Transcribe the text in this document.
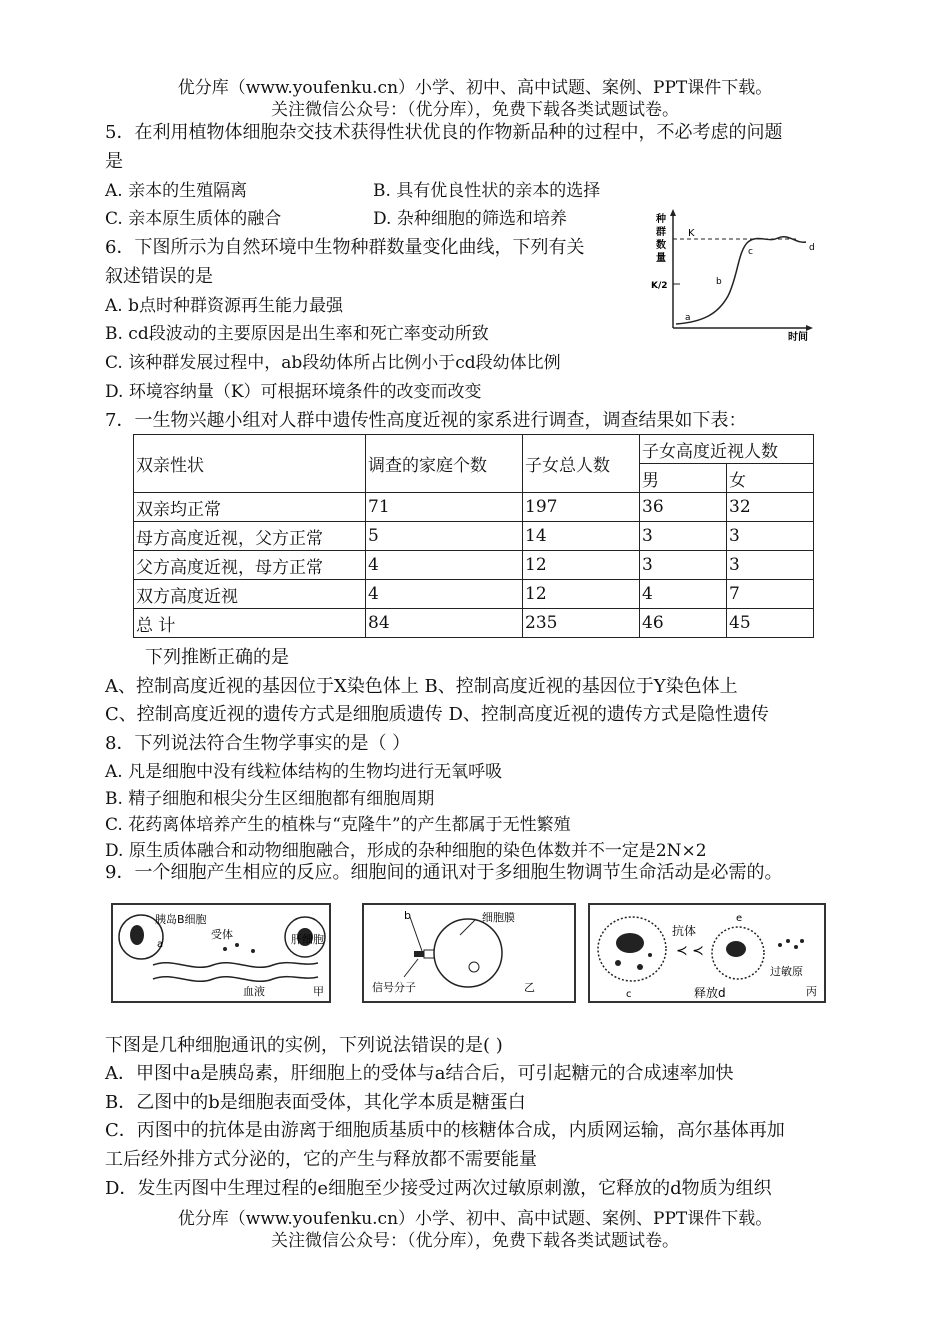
优分库（www.youfenku.cn）小学、初中、高中试题、案例、PPT课件下载。
关注微信公众号：（优分库），免费下载各类试题试卷。
5．在利用植物体细胞杂交技术获得性状优良的作物新品种的过程中，不必考虑的问题
是
A. 亲本的生殖隔离	B. 具有优良性状的亲本的选择
C. 亲本原生质体的融合	D. 杂种细胞的筛选和培养
6．下图所示为自然环境中生物种群数量变化曲线，下列有关
叙述错误的是
A. b点时种群资源再生能力最强
B. cd段波动的主要原因是出生率和死亡率变动所致
C. 该种群发展过程中，ab段幼体所占比例小于cd段幼体比例
D. 环境容纳量（K）可根据环境条件的改变而改变
种
群
数
量
K
K/2
a
b
c	d
时间
7．一生物兴趣小组对人群中遗传性高度近视的家系进行调查，调查结果如下表：
双亲性状	调查的家庭个数	子女总人数	子女高度近视人数	
			男	女
双亲均正常	71	197	36	32
母方高度近视，父方正常	5	14	3	3
父方高度近视，母方正常	4	12	3	3
双方高度近视	4	12	4	7
总 计	84	235	46	45
下列推断正确的是
A、控制高度近视的基因位于X染色体上 B、控制高度近视的基因位于Y染色体上
C、控制高度近视的遗传方式是细胞质遗传 D、控制高度近视的遗传方式是隐性遗传
8．下列说法符合生物学事实的是（ ）
A. 凡是细胞中没有线粒体结构的生物均进行无氧呼吸
B. 精子细胞和根尖分生区细胞都有细胞周期
C. 花药离体培养产生的植株与“克隆牛”的产生都属于无性繁殖
D. 原生质体融合和动物细胞融合，形成的杂种细胞的染色体数并不一定是2N×2
9．一个细胞产生相应的反应。细胞间的通讯对于多细胞生物调节生命活动是必需的。
胰岛B细胞
受体	肝细胞
a
血液	甲
b	细胞膜
信号分子	乙
抗体
≺ ≺
e
c	释放d
过敏原
丙
下图是几种细胞通讯的实例，下列说法错误的是( )
A．甲图中a是胰岛素，肝细胞上的受体与a结合后，可引起糖元的合成速率加快
B．乙图中的b是细胞表面受体，其化学本质是糖蛋白
C．丙图中的抗体是由游离于细胞质基质中的核糖体合成，内质网运输，高尔基体再加
工后经外排方式分泌的，它的产生与释放都不需要能量
D．发生丙图中生理过程的e细胞至少接受过两次过敏原刺激，它释放的d物质为组织
优分库（www.youfenku.cn）小学、初中、高中试题、案例、PPT课件下载。
关注微信公众号：（优分库），免费下载各类试题试卷。
